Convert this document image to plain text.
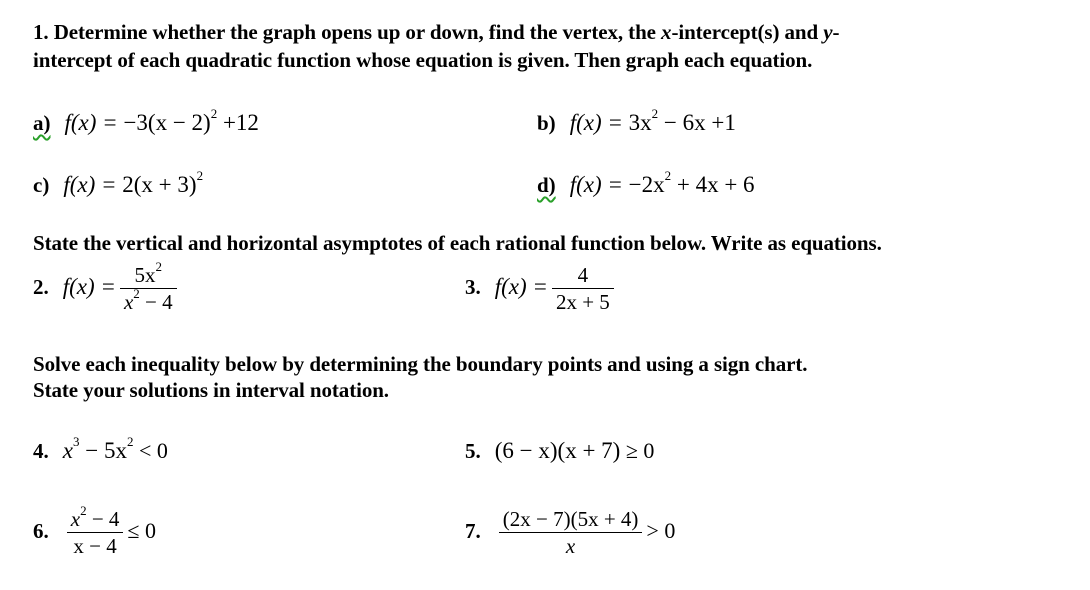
1. Determine whether the graph opens up or down, find the vertex, the x-intercept(s) and y-
intercept of each quadratic function whose equation is given. Then graph each equation.
a) $f(x) = -3(x - 2)^2 +12$	b) $f(x) = 3x^2 - 6x +1$
c) $f(x) = 2(x + 3)^2$	d) $f(x) = -2x^2 + 4x + 6$
State the vertical and horizontal asymptotes of each rational function below. Write as equations.
2. $f(x) = \frac{5x^2}{x^2 - 4}$	3. $f(x) = \frac{4}{2x + 5}$
Solve each inequality below by determining the boundary points and using a sign chart.
State your solutions in interval notation.
4. $x^3 - 5x^2 < 0$	5. (6 − x)(x + 7) ≥ 0
6. $\frac{x^2 - 4}{x - 4} \le 0$	7. $\frac{(2x - 7)(5x + 4)}{x} > 0$
